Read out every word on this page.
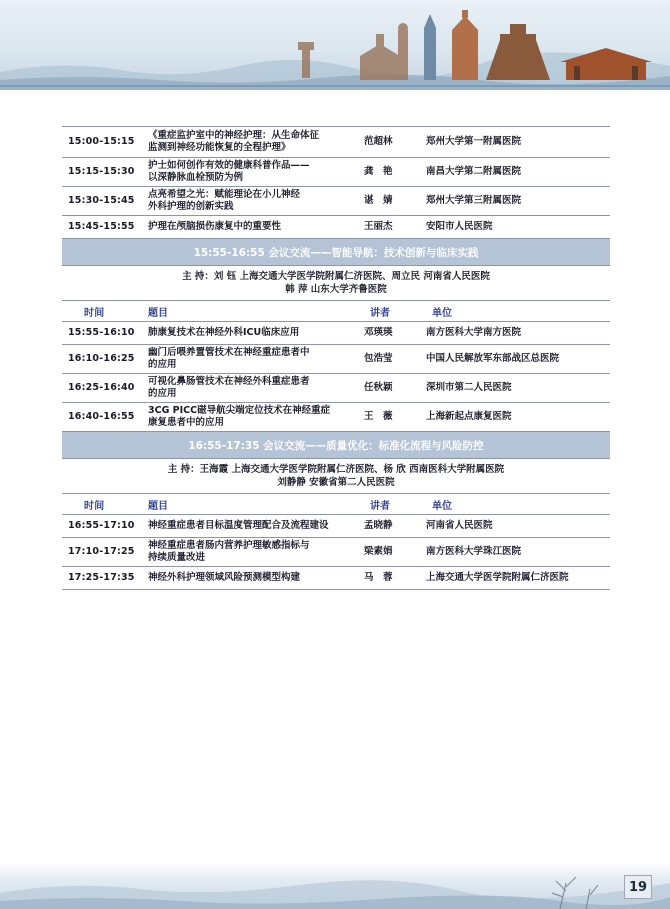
15:00-15:15
《重症监护室中的神经护理：从生命体征
监测到神经功能恢复的全程护理》
范超林	郑州大学第一附属医院
15:15-15:30
护士如何创作有效的健康科普作品——
以深静脉血栓预防为例
龚　艳	南昌大学第二附属医院
15:30-15:45
点亮希望之光：赋能理论在小儿神经
外科护理的创新实践
谌　婧	郑州大学第三附属医院
15:45-15:55	护理在颅脑损伤康复中的重要性	王丽杰	安阳市人民医院
15:55-16:55 会议交流——智能导航：技术创新与临床实践
主 持：刘 钰 上海交通大学医学院附属仁济医院、周立民 河南省人民医院
韩 萍 山东大学齐鲁医院
时间	题目	讲者	单位
15:55-16:10	肺康复技术在神经外科ICU临床应用	邓瑛瑛	南方医科大学南方医院
16:10-16:25
幽门后喂养置管技术在神经重症患者中
的应用
包浩莹	中国人民解放军东部战区总医院
16:25-16:40
可视化鼻肠管技术在神经外科重症患者
的应用
任秋颖	深圳市第二人民医院
16:40-16:55
3CG PICC磁导航尖端定位技术在神经重症
康复患者中的应用
王　薇	上海新起点康复医院
16:55-17:35 会议交流——质量优化：标准化流程与风险防控
主 持：王海霞 上海交通大学医学院附属仁济医院、杨 欣 西南医科大学附属医院
刘静静 安徽省第二人民医院
时间	题目	讲者	单位
16:55-17:10	神经重症患者目标温度管理配合及流程建设	孟晓静	河南省人民医院
17:10-17:25
神经重症患者肠内营养护理敏感指标与
持续质量改进
梁素娟	南方医科大学珠江医院
17:25-17:35	神经外科护理领域风险预测模型构建	马　蓉	上海交通大学医学院附属仁济医院
19
